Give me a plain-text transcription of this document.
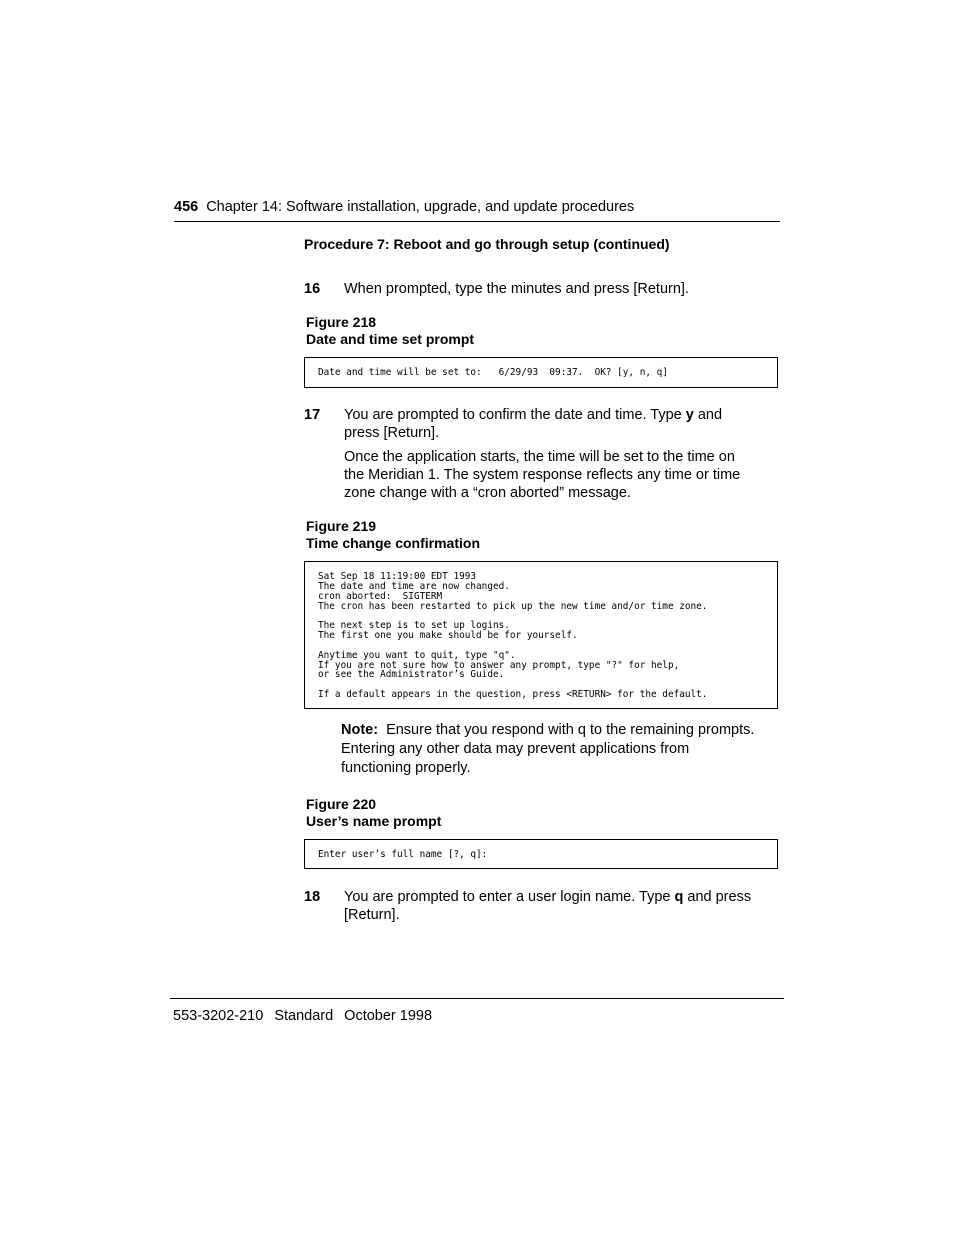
456 Chapter 14: Software installation, upgrade, and update procedures
Procedure 7: Reboot and go through setup (continued)
16 When prompted, type the minutes and press [Return].
Figure 218
Date and time set prompt
Date and time will be set to:   6/29/93  09:37.  OK? [y, n, q]
17 You are prompted to confirm the date and time. Type y and press [Return].
Once the application starts, the time will be set to the time on the Meridian 1. The system response reflects any time or time zone change with a “cron aborted” message.
Figure 219
Time change confirmation
Sat Sep 18 11:19:00 EDT 1993
The date and time are now changed.
cron aborted:  SIGTERM
The cron has been restarted to pick up the new time and/or time zone.

The next step is to set up logins.
The first one you make should be for yourself.

Anytime you want to quit, type "q".
If you are not sure how to answer any prompt, type "?" for help,
or see the Administrator’s Guide.

If a default appears in the question, press <RETURN> for the default.
Note: Ensure that you respond with q to the remaining prompts. Entering any other data may prevent applications from functioning properly.
Figure 220
User’s name prompt
Enter user’s full name [?, q]:
18 You are prompted to enter a user login name. Type q and press [Return].
553-3202-210 Standard October 1998
